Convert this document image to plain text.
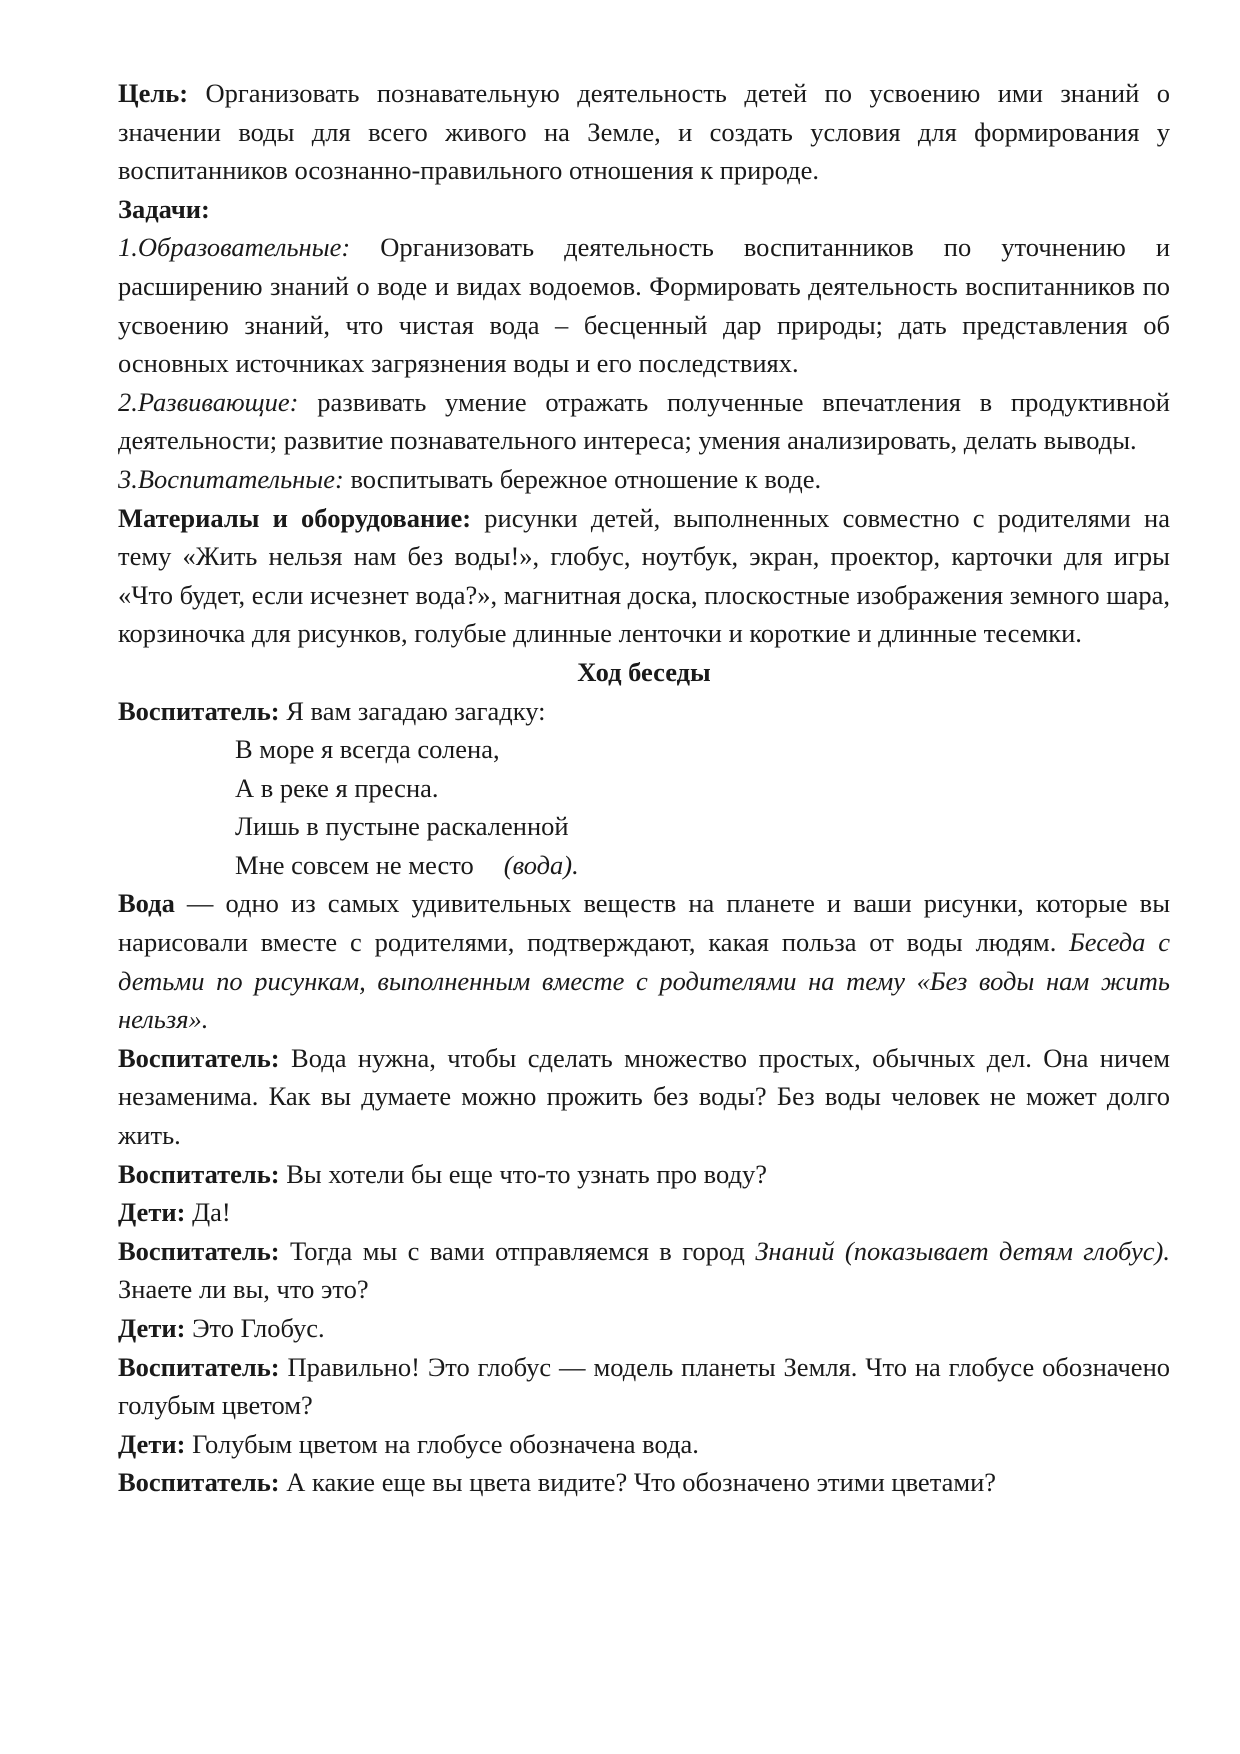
Цель: Организовать познавательную деятельность детей по усвоению ими знаний о значении воды для всего живого на Земле, и создать условия для формирования у воспитанников осознанно-правильного отношения к природе.

Задачи:

1.Образовательные: Организовать деятельность воспитанников по уточнению и расширению знаний о воде и видах водоемов. Формировать деятельность воспитанников по усвоению знаний, что чистая вода – бесценный дар природы; дать представления об основных источниках загрязнения воды и его последствиях.

2.Развивающие: развивать умение отражать полученные впечатления в продуктивной деятельности; развитие познавательного интереса; умения анализировать, делать выводы.

3.Воспитательные: воспитывать бережное отношение к воде.

Материалы и оборудование: рисунки детей, выполненных совместно с родителями на тему «Жить нельзя нам без воды!», глобус, ноутбук, экран, проектор, карточки для игры «Что будет, если исчезнет вода?», магнитная доска, плоскостные изображения земного шара, корзиночка для рисунков, голубые длинные ленточки и короткие и длинные тесемки.

Ход беседы

Воспитатель: Я вам загадаю загадку:

В море я всегда солена,

А в реке я пресна.

Лишь в пустыне раскаленной

Мне совсем не место (вода).

Вода — одно из самых удивительных веществ на планете и ваши рисунки, которые вы нарисовали вместе с родителями, подтверждают, какая польза от воды людям. Беседа с детьми по рисункам, выполненным вместе с родителями на тему «Без воды нам жить нельзя».

Воспитатель: Вода нужна, чтобы сделать множество простых, обычных дел. Она ничем незаменима. Как вы думаете можно прожить без воды? Без воды человек не может долго жить.

Воспитатель: Вы хотели бы еще что-то узнать про воду?

Дети: Да!

Воспитатель: Тогда мы с вами отправляемся в город Знаний (показывает детям глобус). Знаете ли вы, что это?

Дети: Это Глобус.

Воспитатель: Правильно! Это глобус — модель планеты Земля. Что на глобусе обозначено голубым цветом?

Дети: Голубым цветом на глобусе обозначена вода.

Воспитатель: А какие еще вы цвета видите? Что обозначено этими цветами?
